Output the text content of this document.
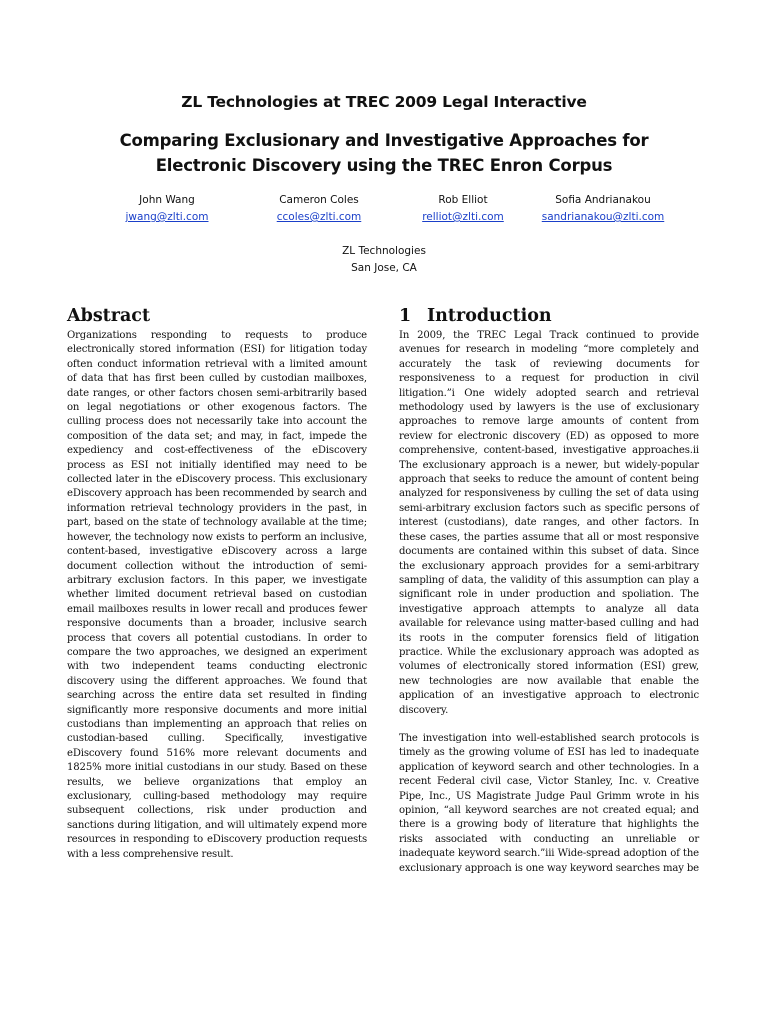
ZL Technologies at TREC 2009 Legal Interactive
Comparing Exclusionary and Investigative Approaches for
Electronic Discovery using the TREC Enron Corpus
John Wang
jwang@zlti.com
Cameron Coles
ccoles@zlti.com
Rob Elliot
relliot@zlti.com
Sofia Andrianakou
sandrianakou@zlti.com
ZL Technologies
San Jose, CA
Abstract

Organizations responding to requests to produce electronically stored information (ESI) for litigation today often conduct information retrieval with a limited amount of data that has first been culled by custodian mailboxes, date ranges, or other factors chosen semi-arbitrarily based on legal negotiations or other exogenous factors. The culling process does not necessarily take into account the composition of the data set; and may, in fact, impede the expediency and cost-effectiveness of the eDiscovery process as ESI not initially identified may need to be collected later in the eDiscovery process. This exclusionary eDiscovery approach has been recommended by search and information retrieval technology providers in the past, in part, based on the state of technology available at the time; however, the technology now exists to perform an inclusive, content-based, investigative eDiscovery across a large document collection without the introduction of semi-arbitrary exclusion factors. In this paper, we investigate whether limited document retrieval based on custodian email mailboxes results in lower recall and produces fewer responsive documents than a broader, inclusive search process that covers all potential custodians. In order to compare the two approaches, we designed an experiment with two independent teams conducting electronic discovery using the different approaches. We found that searching across the entire data set resulted in finding significantly more responsive documents and more initial custodians than implementing an approach that relies on custodian-based culling. Specifically, investigative eDiscovery found 516% more relevant documents and 1825% more initial custodians in our study. Based on these results, we believe organizations that employ an exclusionary, culling-based methodology may require subsequent collections, risk under production and sanctions during litigation, and will ultimately expend more resources in responding to eDiscovery production requests with a less comprehensive result.

1 Introduction

In 2009, the TREC Legal Track continued to provide avenues for research in modeling “more completely and accurately the task of reviewing documents for responsiveness to a request for production in civil litigation.”i One widely adopted search and retrieval methodology used by lawyers is the use of exclusionary approaches to remove large amounts of content from review for electronic discovery (ED) as opposed to more comprehensive, content-based, investigative approaches.ii The exclusionary approach is a newer, but widely-popular approach that seeks to reduce the amount of content being analyzed for responsiveness by culling the set of data using semi-arbitrary exclusion factors such as specific persons of interest (custodians), date ranges, and other factors. In these cases, the parties assume that all or most responsive documents are contained within this subset of data. Since the exclusionary approach provides for a semi-arbitrary sampling of data, the validity of this assumption can play a significant role in under production and spoliation. The investigative approach attempts to analyze all data available for relevance using matter-based culling and had its roots in the computer forensics field of litigation practice. While the exclusionary approach was adopted as volumes of electronically stored information (ESI) grew, new technologies are now available that enable the application of an investigative approach to electronic discovery.

The investigation into well-established search protocols is timely as the growing volume of ESI has led to inadequate application of keyword search and other technologies. In a recent Federal civil case, Victor Stanley, Inc. v. Creative Pipe, Inc., US Magistrate Judge Paul Grimm wrote in his opinion, “all keyword searches are not created equal; and there is a growing body of literature that highlights the risks associated with conducting an unreliable or inadequate keyword search.”iii Wide-spread adoption of the exclusionary approach is one way keyword searches may be
